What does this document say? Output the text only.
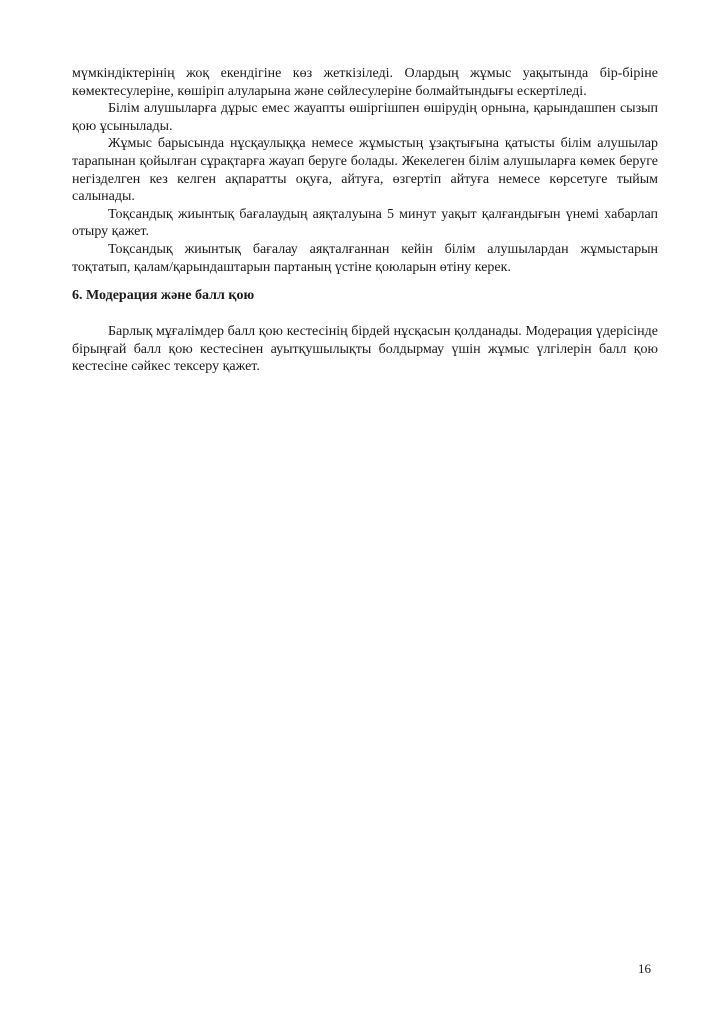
мүмкіндіктерінің жоқ екендігіне көз жеткізіледі. Олардың жұмыс уақытында бір-біріне көмектесулеріне, көшіріп алуларына және сөйлесулеріне болмайтындығы ескертіледі.

Білім алушыларға дұрыс емес жауапты өшіргішпен өшірудің орнына, қарындашпен сызып қою ұсынылады.

Жұмыс барысында нұсқаулыққа немесе жұмыстың ұзақтығына қатысты білім алушылар тарапынан қойылған сұрақтарға жауап беруге болады. Жекелеген білім алушыларға көмек беруге негізделген кез келген ақпаратты оқуға, айтуға, өзгертіп айтуға немесе көрсетуге тыйым салынады.

Тоқсандық жиынтық бағалаудың аяқталуына 5 минут уақыт қалғандығын үнемі хабарлап отыру қажет.

Тоқсандық жиынтық бағалау аяқталғаннан кейін білім алушылардан жұмыстарын тоқтатып, қалам/қарындаштарын партаның үстіне қоюларын өтіну керек.

6. Модерация және балл қою

Барлық мұғалімдер балл қою кестесінің бірдей нұсқасын қолданады. Модерация үдерісінде бірыңғай балл қою кестесінен ауытқушылықты болдырмау үшін жұмыс үлгілерін балл қою кестесіне сәйкес тексеру қажет.

16
